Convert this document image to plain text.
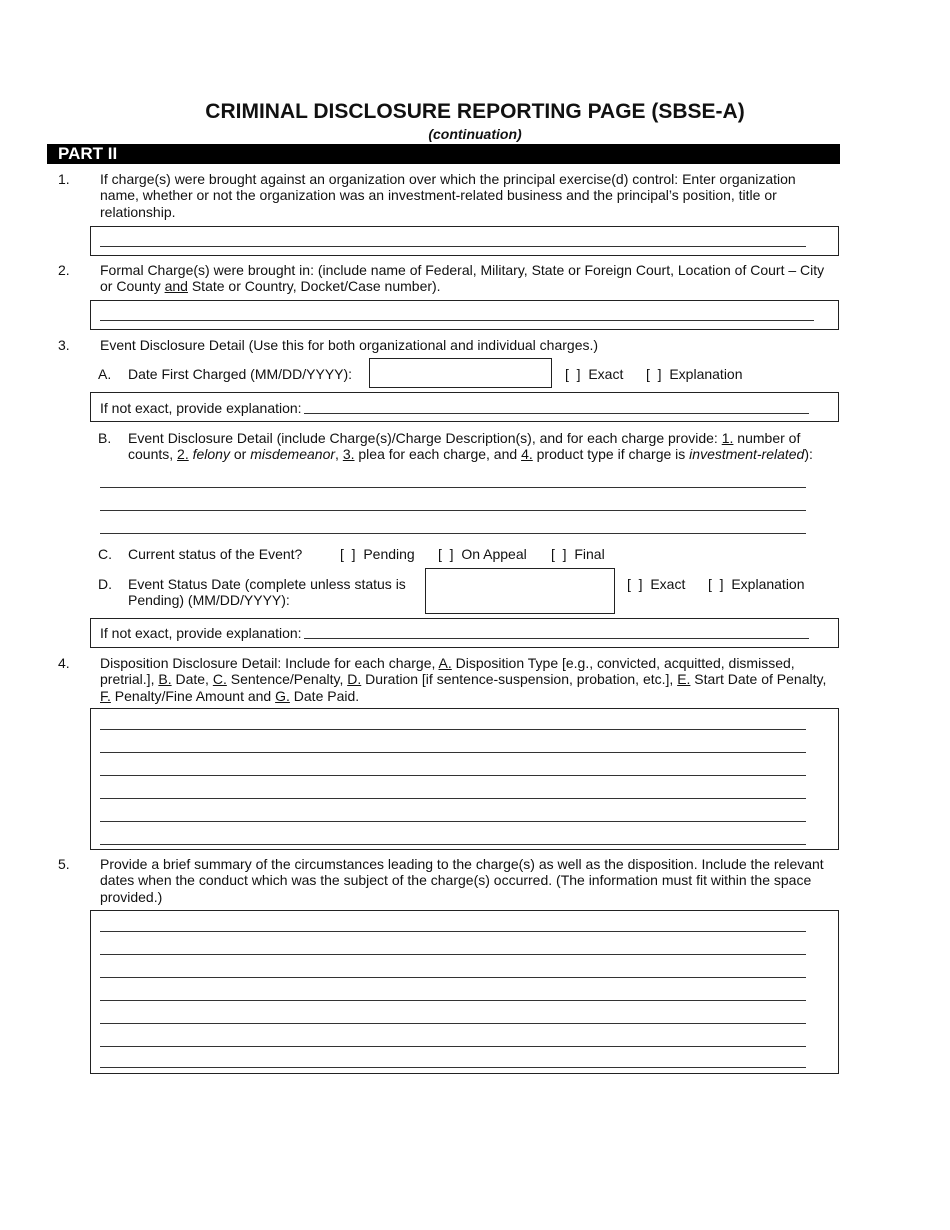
CRIMINAL DISCLOSURE REPORTING PAGE (SBSE-A)
(continuation)
PART II
1. If charge(s) were brought against an organization over which the principal exercise(d) control: Enter organization name, whether or not the organization was an investment-related business and the principal’s position, title or relationship.
2. Formal Charge(s) were brought in: (include name of Federal, Military, State or Foreign Court, Location of Court – City or County and State or Country, Docket/Case number).
3. Event Disclosure Detail (Use this for both organizational and individual charges.)
A. Date First Charged (MM/DD/YYYY):	[  ]  Exact [  ]  Explanation
If not exact, provide explanation:
B. Event Disclosure Detail (include Charge(s)/Charge Description(s), and for each charge provide: 1. number of counts, 2. felony or misdemeanor, 3. plea for each charge, and 4. product type if charge is investment-related):
C. Current status of the Event?	[  ]  Pending [  ]  On Appeal [  ]  Final
D. Event Status Date (complete unless status is
Pending) (MM/DD/YYYY):
[  ]  Exact [  ]  Explanation
If not exact, provide explanation:
4. Disposition Disclosure Detail: Include for each charge, A. Disposition Type [e.g., convicted, acquitted, dismissed, pretrial.], B. Date, C. Sentence/Penalty, D. Duration [if sentence-suspension, probation, etc.], E. Start Date of Penalty, F. Penalty/Fine Amount and G. Date Paid.
5. Provide a brief summary of the circumstances leading to the charge(s) as well as the disposition. Include the relevant dates when the conduct which was the subject of the charge(s) occurred. (The information must fit within the space provided.)
